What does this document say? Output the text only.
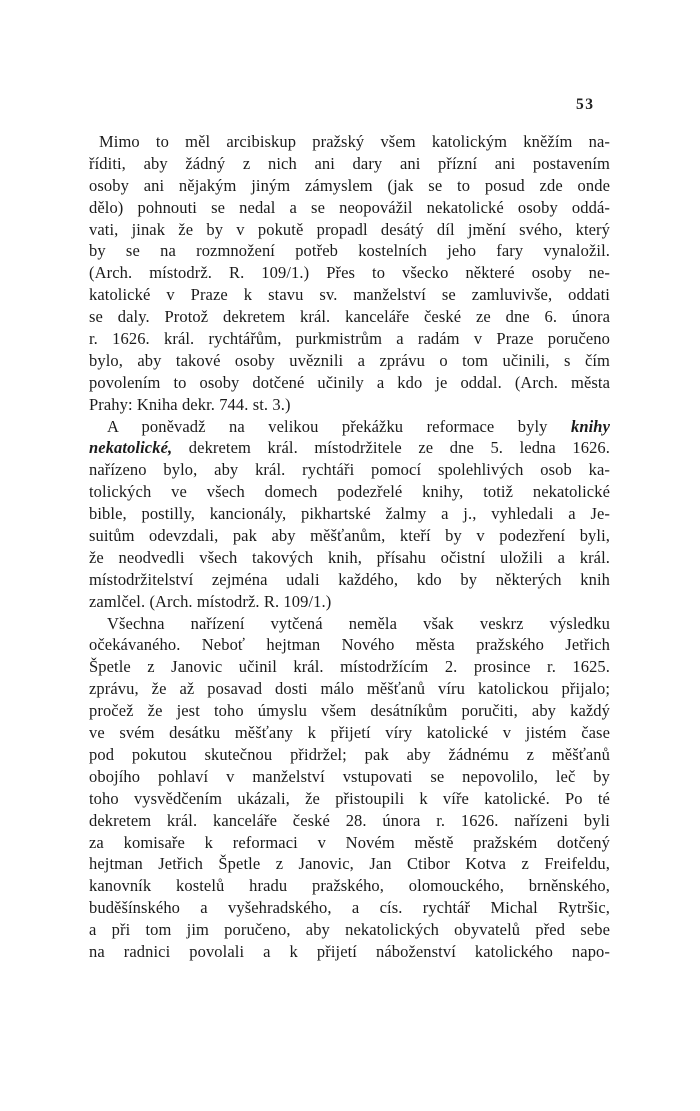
53
Mimo to měl arcibiskup pražský všem katolickým kněžím na-
říditi, aby žádný z nich ani dary ani přízní ani postavením
osoby ani nějakým jiným zámyslem (jak se to posud zde onde
dělo) pohnouti se nedal a se neopovážil nekatolické osoby oddá-
vati, jinak že by v pokutě propadl desátý díl jmění svého, který
by se na rozmnožení potřeb kostelních jeho fary vynaložil.
(Arch. místodrž. R. 109/1.) Přes to všecko některé osoby ne-
katolické v Praze k stavu sv. manželství se zamluvivše, oddati
se daly. Protož dekretem král. kanceláře české ze dne 6. února
r. 1626. král. rychtářům, purkmistrům a radám v Praze poručeno
bylo, aby takové osoby uvěznili a zprávu o tom učinili, s čím
povolením to osoby dotčené učinily a kdo je oddal. (Arch. města
Prahy: Kniha dekr. 744. st. 3.)
A poněvadž na velikou překážku reformace byly knihy
nekatolické, dekretem král. místodržitele ze dne 5. ledna 1626.
nařízeno bylo, aby král. rychtáři pomocí spolehlivých osob ka-
tolických ve všech domech podezřelé knihy, totiž nekatolické
bible, postilly, kancionály, pikhartské žalmy a j., vyhledali a Je-
suitům odevzdali, pak aby měšťanům, kteří by v podezření byli,
že neodvedli všech takových knih, přísahu očistní uložili a král.
místodržitelství zejména udali každého, kdo by některých knih
zamlčel. (Arch. místodrž. R. 109/1.)
Všechna nařízení vytčená neměla však veskrz výsledku
očekávaného. Neboť hejtman Nového města pražského Jetřich
Špetle z Janovic učinil král. místodržícím 2. prosince r. 1625.
zprávu, že až posavad dosti málo měšťanů víru katolickou přijalo;
pročež že jest toho úmyslu všem desátníkům poručiti, aby každý
ve svém desátku měšťany k přijetí víry katolické v jistém čase
pod pokutou skutečnou přidržel; pak aby žádnému z měšťanů
obojího pohlaví v manželství vstupovati se nepovolilo, leč by
toho vysvědčením ukázali, že přistoupili k víře katolické. Po té
dekretem král. kanceláře české 28. února r. 1626. nařízeni byli
za komisaře k reformaci v Novém městě pražském dotčený
hejtman Jetřich Špetle z Janovic, Jan Ctibor Kotva z Freifeldu,
kanovník kostelů hradu pražského, olomouckého, brněnského,
buděšínského a vyšehradského, a cís. rychtář Michal Rytršic,
a při tom jim poručeno, aby nekatolických obyvatelů před sebe
na radnici povolali a k přijetí náboženství katolického napo-
